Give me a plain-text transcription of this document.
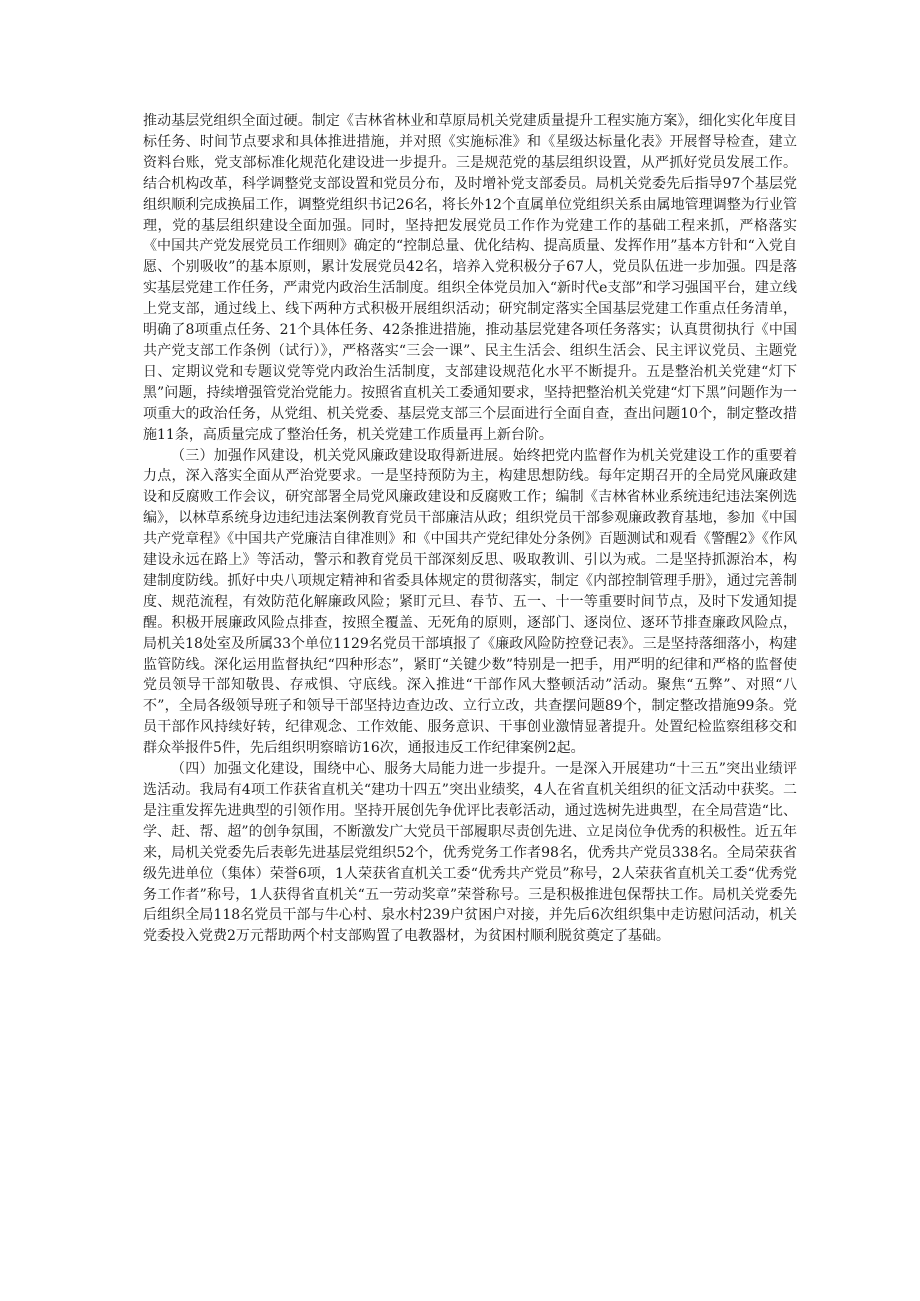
推动基层党组织全面过硬。制定《吉林省林业和草原局机关党建质量提升工程实施方案》，细化实化年度目标任务、时间节点要求和具体推进措施，并对照《实施标准》和《星级达标量化表》开展督导检查，建立资料台账，党支部标准化规范化建设进一步提升。三是规范党的基层组织设置，从严抓好党员发展工作。结合机构改革，科学调整党支部设置和党员分布，及时增补党支部委员。局机关党委先后指导97个基层党组织顺利完成换届工作，调整党组织书记26名，将长外12个直属单位党组织关系由属地管理调整为行业管理，党的基层组织建设全面加强。同时，坚持把发展党员工作作为党建工作的基础工程来抓，严格落实《中国共产党发展党员工作细则》确定的“控制总量、优化结构、提高质量、发挥作用”基本方针和“入党自愿、个别吸收”的基本原则，累计发展党员42名，培养入党积极分子67人，党员队伍进一步加强。四是落实基层党建工作任务，严肃党内政治生活制度。组织全体党员加入“新时代e支部”和学习强国平台，建立线上党支部，通过线上、线下两种方式积极开展组织活动；研究制定落实全国基层党建工作重点任务清单，明确了8项重点任务、21个具体任务、42条推进措施，推动基层党建各项任务落实；认真贯彻执行《中国共产党支部工作条例（试行）》，严格落实“三会一课”、民主生活会、组织生活会、民主评议党员、主题党日、定期议党和专题议党等党内政治生活制度，支部建设规范化水平不断提升。五是整治机关党建“灯下黑”问题，持续增强管党治党能力。按照省直机关工委通知要求，坚持把整治机关党建“灯下黑”问题作为一项重大的政治任务，从党组、机关党委、基层党支部三个层面进行全面自查，查出问题10个，制定整改措施11条，高质量完成了整治任务，机关党建工作质量再上新台阶。

（三）加强作风建设，机关党风廉政建设取得新进展。始终把党内监督作为机关党建设工作的重要着力点，深入落实全面从严治党要求。一是坚持预防为主，构建思想防线。每年定期召开的全局党风廉政建设和反腐败工作会议，研究部署全局党风廉政建设和反腐败工作；编制《吉林省林业系统违纪违法案例选编》，以林草系统身边违纪违法案例教育党员干部廉洁从政；组织党员干部参观廉政教育基地，参加《中国共产党章程》《中国共产党廉洁自律准则》和《中国共产党纪律处分条例》百题测试和观看《警醒2》《作风建设永远在路上》等活动，警示和教育党员干部深刻反思、吸取教训、引以为戒。二是坚持抓源治本，构建制度防线。抓好中央八项规定精神和省委具体规定的贯彻落实，制定《内部控制管理手册》，通过完善制度、规范流程，有效防范化解廉政风险；紧盯元旦、春节、五一、十一等重要时间节点，及时下发通知提醒。积极开展廉政风险点排查，按照全覆盖、无死角的原则，逐部门、逐岗位、逐环节排查廉政风险点，局机关18处室及所属33个单位1129名党员干部填报了《廉政风险防控登记表》。三是坚持落细落小，构建监管防线。深化运用监督执纪“四种形态”，紧盯“关键少数”特别是一把手，用严明的纪律和严格的监督使党员领导干部知敬畏、存戒惧、守底线。深入推进“干部作风大整顿活动”活动。聚焦“五弊”、对照“八不”，全局各级领导班子和领导干部坚持边查边改、立行立改，共查摆问题89个，制定整改措施99条。党员干部作风持续好转，纪律观念、工作效能、服务意识、干事创业激情显著提升。处置纪检监察组移交和群众举报件5件，先后组织明察暗访16次，通报违反工作纪律案例2起。

（四）加强文化建设，围绕中心、服务大局能力进一步提升。一是深入开展建功“十三五”突出业绩评选活动。我局有4项工作获省直机关“建功十四五”突出业绩奖，4人在省直机关组织的征文活动中获奖。二是注重发挥先进典型的引领作用。坚持开展创先争优评比表彰活动，通过选树先进典型，在全局营造“比、学、赶、帮、超”的创争氛围，不断激发广大党员干部履职尽责创先进、立足岗位争优秀的积极性。近五年来，局机关党委先后表彰先进基层党组织52个，优秀党务工作者98名，优秀共产党员338名。全局荣获省级先进单位（集体）荣誉6项，1人荣获省直机关工委“优秀共产党员”称号，2人荣获省直机关工委“优秀党务工作者”称号，1人获得省直机关“五一劳动奖章”荣誉称号。三是积极推进包保帮扶工作。局机关党委先后组织全局118名党员干部与牛心村、泉水村239户贫困户对接，并先后6次组织集中走访慰问活动，机关党委投入党费2万元帮助两个村支部购置了电教器材，为贫困村顺利脱贫奠定了基础。
